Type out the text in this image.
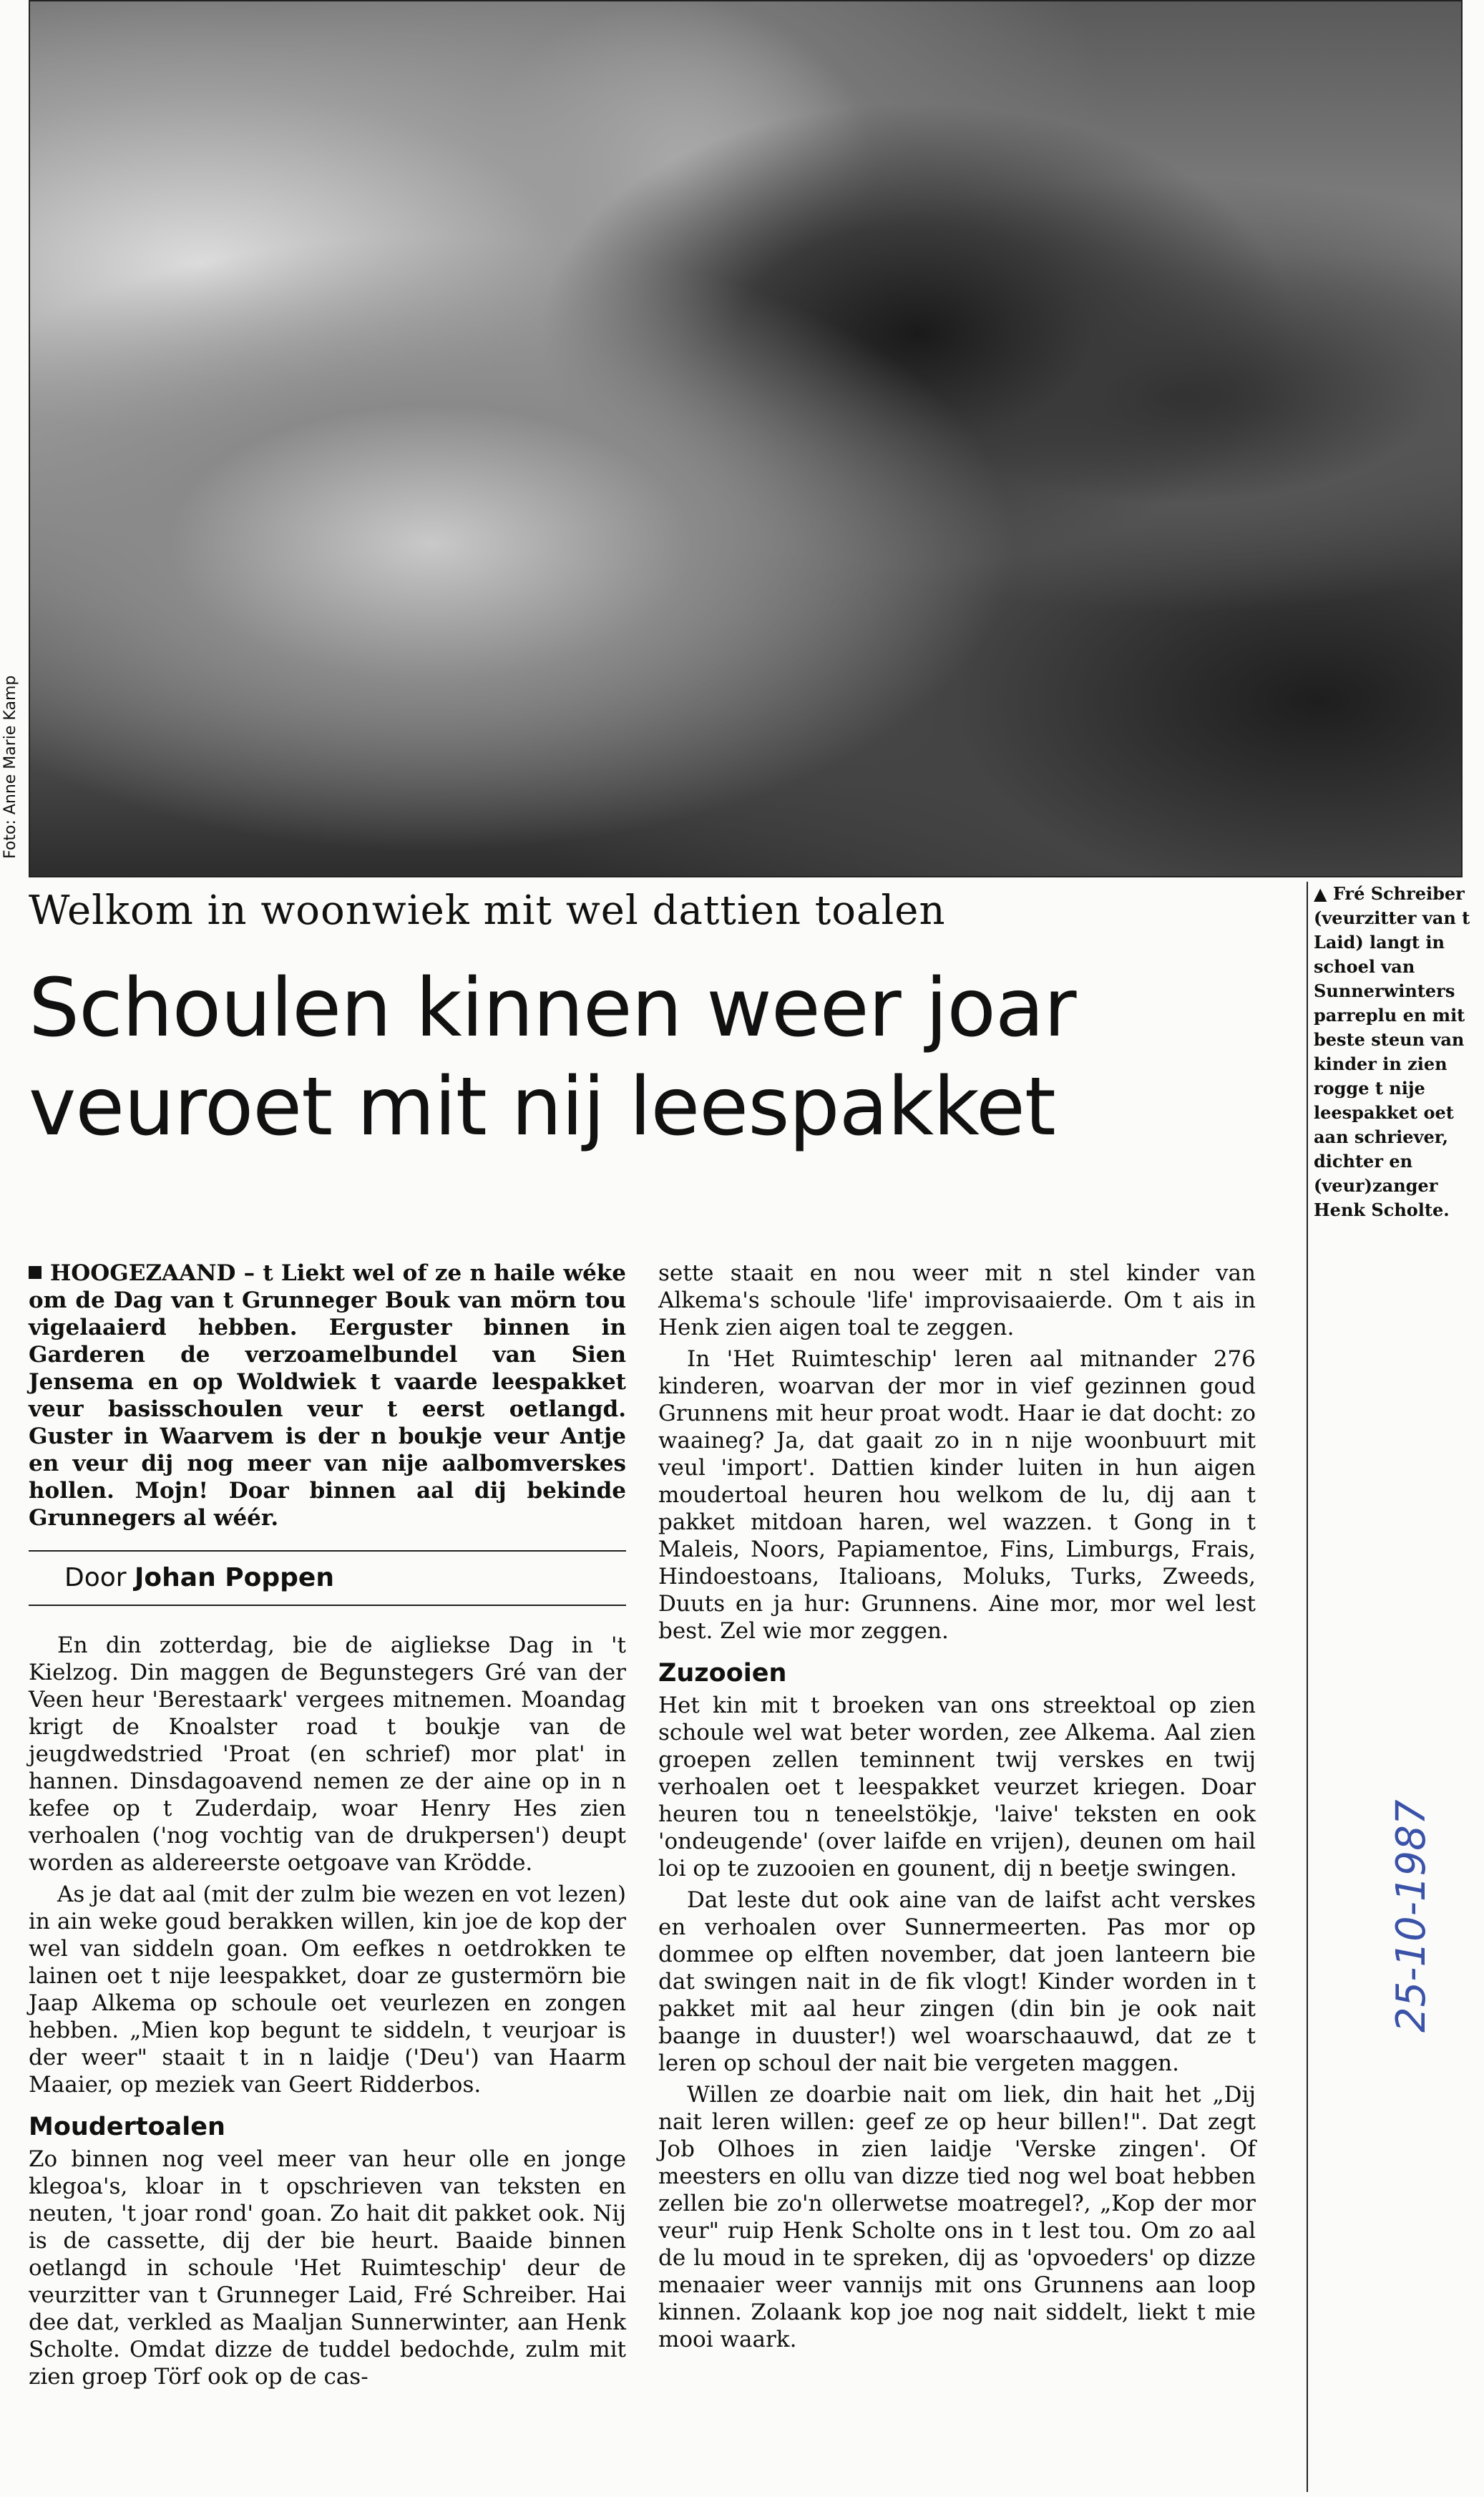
Foto: Anne Marie Kamp
▲ Fré Schreiber (veurzitter van t Laid) langt in schoel van Sunnerwinters parreplu en mit beste steun van kinder in zien rogge t nije leespakket oet aan schriever, dichter en (veur)zanger Henk Scholte.
Welkom in woonwiek mit wel dattien toalen
Schoulen kinnen weer joar veuroet mit nij leespakket

HOOGEZAAND – t Liekt wel of ze n haile wéke om de Dag van t Grunneger Bouk van mörn tou vigelaaierd hebben. Eerguster binnen in Garderen de verzoamelbundel van Sien Jensema en op Woldwiek t vaarde leespakket veur basisschoulen veur t eerst oetlangd. Guster in Waarvem is der n boukje veur Antje en veur dij nog meer van nije aalbomverskes hollen. Mojn! Doar binnen aal dij bekinde Grunnegers al wéér.

Door Johan Poppen

En din zotterdag, bie de aigliekse Dag in 't Kielzog. Din maggen de Begunstegers Gré van der Veen heur 'Berestaark' vergees mitnemen. Moandag krigt de Knoalster road t boukje van de jeugdwedstried 'Proat (en schrief) mor plat' in hannen. Dinsdagoavend nemen ze der aine op in n kefee op t Zuderdaip, woar Henry Hes zien verhoalen ('nog vochtig van de drukpersen') deupt worden as aldereerste oetgoave van Krödde.

As je dat aal (mit der zulm bie wezen en vot lezen) in ain weke goud berakken willen, kin joe de kop der wel van siddeln goan. Om eefkes n oetdrokken te lainen oet t nije leespakket, doar ze gustermörn bie Jaap Alkema op schoule oet veurlezen en zongen hebben. „Mien kop begunt te siddeln, t veurjoar is der weer" staait t in n laidje ('Deu') van Haarm Maaier, op meziek van Geert Ridderbos.

Moudertoalen

Zo binnen nog veel meer van heur olle en jonge klegoa's, kloar in t opschrieven van teksten en neuten, 't joar rond' goan. Zo hait dit pakket ook. Nij is de cassette, dij der bie heurt. Baaide binnen oetlangd in schoule 'Het Ruimteschip' deur de veurzitter van t Grunneger Laid, Fré Schreiber. Hai dee dat, verkled as Maaljan Sunnerwinter, aan Henk Scholte. Omdat dizze de tuddel bedochde, zulm mit zien groep Törf ook op de cas-

sette staait en nou weer mit n stel kinder van Alkema's schoule 'life' improvisaaierde. Om t ais in Henk zien aigen toal te zeggen.

In 'Het Ruimteschip' leren aal mitnander 276 kinderen, woarvan der mor in vief gezinnen goud Grunnens mit heur proat wodt. Haar ie dat docht: zo waaineg? Ja, dat gaait zo in n nije woonbuurt mit veul 'import'. Dattien kinder luiten in hun aigen moudertoal heuren hou welkom de lu, dij aan t pakket mitdoan haren, wel wazzen. t Gong in t Maleis, Noors, Papiamentoe, Fins, Limburgs, Frais, Hindoestoans, Italioans, Moluks, Turks, Zweeds, Duuts en ja hur: Grunnens. Aine mor, mor wel lest best. Zel wie mor zeggen.

Zuzooien

Het kin mit t broeken van ons streektoal op zien schoule wel wat beter worden, zee Alkema. Aal zien groepen zellen teminnent twij verskes en twij verhoalen oet t leespakket veurzet kriegen. Doar heuren tou n teneelstökje, 'laive' teksten en ook 'ondeugende' (over laifde en vrijen), deunen om hail loi op te zuzooien en gounent, dij n beetje swingen.

Dat leste dut ook aine van de laifst acht verskes en verhoalen over Sunnermeerten. Pas mor op dommee op elften november, dat joen lanteern bie dat swingen nait in de fik vlogt! Kinder worden in t pakket mit aal heur zingen (din bin je ook nait baange in duuster!) wel woarschaauwd, dat ze t leren op schoul der nait bie vergeten maggen.

Willen ze doarbie nait om liek, din hait het „Dij nait leren willen: geef ze op heur billen!". Dat zegt Job Olhoes in zien laidje 'Verske zingen'. Of meesters en ollu van dizze tied nog wel boat hebben zellen bie zo'n ollerwetse moatregel?, „Kop der mor veur" ruip Henk Scholte ons in t lest tou. Om zo aal de lu moud in te spreken, dij as 'opvoeders' op dizze menaaier weer vannijs mit ons Grunnens aan loop kinnen. Zolaank kop joe nog nait siddelt, liekt t mie mooi waark.

25-10-1987
